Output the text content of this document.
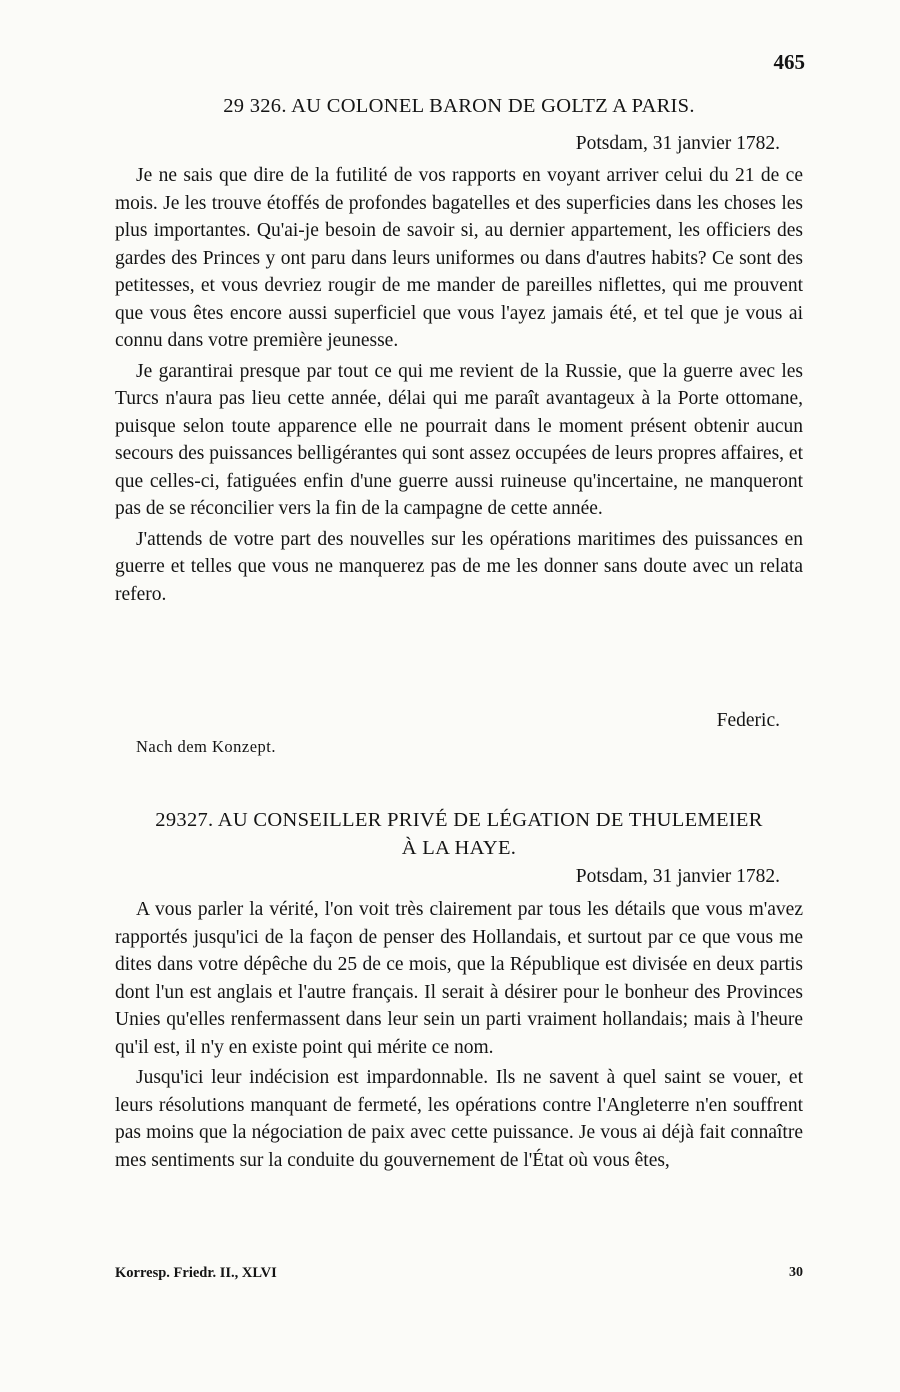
465
29 326. AU COLONEL BARON DE GOLTZ A PARIS.
Potsdam, 31 janvier 1782.

Je ne sais que dire de la futilité de vos rapports en voyant arriver celui du 21 de ce mois. Je les trouve étoffés de profondes bagatelles et des superficies dans les choses les plus importantes. Qu'ai-je besoin de savoir si, au dernier appartement, les officiers des gardes des Princes y ont paru dans leurs uniformes ou dans d'autres habits? Ce sont des petitesses, et vous devriez rougir de me mander de pareilles niflettes, qui me prouvent que vous êtes encore aussi superficiel que vous l'ayez jamais été, et tel que je vous ai connu dans votre première jeunesse.

Je garantirai presque par tout ce qui me revient de la Russie, que la guerre avec les Turcs n'aura pas lieu cette année, délai qui me paraît avantageux à la Porte ottomane, puisque selon toute apparence elle ne pourrait dans le moment présent obtenir aucun secours des puissances belligérantes qui sont assez occupées de leurs propres affaires, et que celles-ci, fatiguées enfin d'une guerre aussi ruineuse qu'incertaine, ne manqueront pas de se réconcilier vers la fin de la campagne de cette année.

J'attends de votre part des nouvelles sur les opérations maritimes des puissances en guerre et telles que vous ne manquerez pas de me les donner sans doute avec un relata refero.

Federic.
Nach dem Konzept.
29327. AU CONSEILLER PRIVÉ DE LÉGATION DE THULEMEIER
À LA HAYE.
Potsdam, 31 janvier 1782.

A vous parler la vérité, l'on voit très clairement par tous les détails que vous m'avez rapportés jusqu'ici de la façon de penser des Hollandais, et surtout par ce que vous me dites dans votre dépêche du 25 de ce mois, que la République est divisée en deux partis dont l'un est anglais et l'autre français. Il serait à désirer pour le bonheur des Provinces Unies qu'elles renfermassent dans leur sein un parti vraiment hollandais; mais à l'heure qu'il est, il n'y en existe point qui mérite ce nom.

Jusqu'ici leur indécision est impardonnable. Ils ne savent à quel saint se vouer, et leurs résolutions manquant de fermeté, les opérations contre l'Angleterre n'en souffrent pas moins que la négociation de paix avec cette puissance. Je vous ai déjà fait connaître mes sentiments sur la conduite du gouvernement de l'État où vous êtes,

Korresp. Friedr. II., XLVI	30
